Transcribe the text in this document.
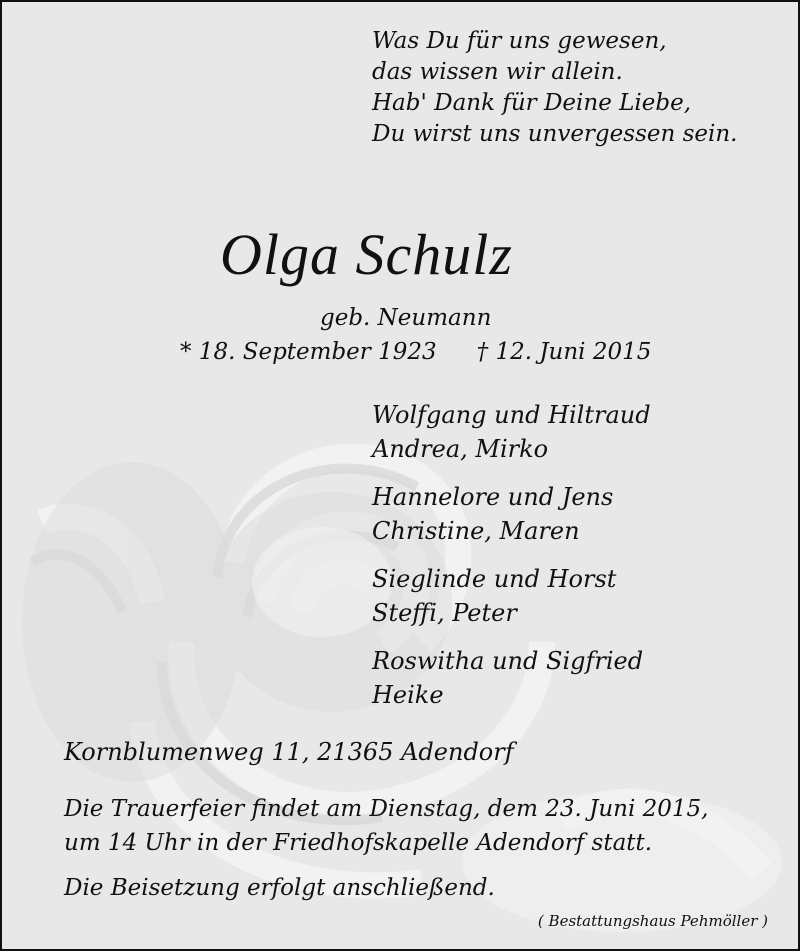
Was Du für uns gewesen,
das wissen wir allein.
Hab' Dank für Deine Liebe,
Du wirst uns unvergessen sein.
Olga Schulz
geb. Neumann
* 18. September 1923 † 12. Juni 2015
Wolfgang und Hiltraud
Andrea, Mirko
Hannelore und Jens
Christine, Maren
Sieglinde und Horst
Steffi, Peter
Roswitha und Sigfried
Heike
Kornblumenweg 11, 21365 Adendorf
Die Trauerfeier findet am Dienstag, dem 23. Juni 2015,
um 14 Uhr in der Friedhofskapelle Adendorf statt.
Die Beisetzung erfolgt anschließend.
( Bestattungshaus Pehmöller )
